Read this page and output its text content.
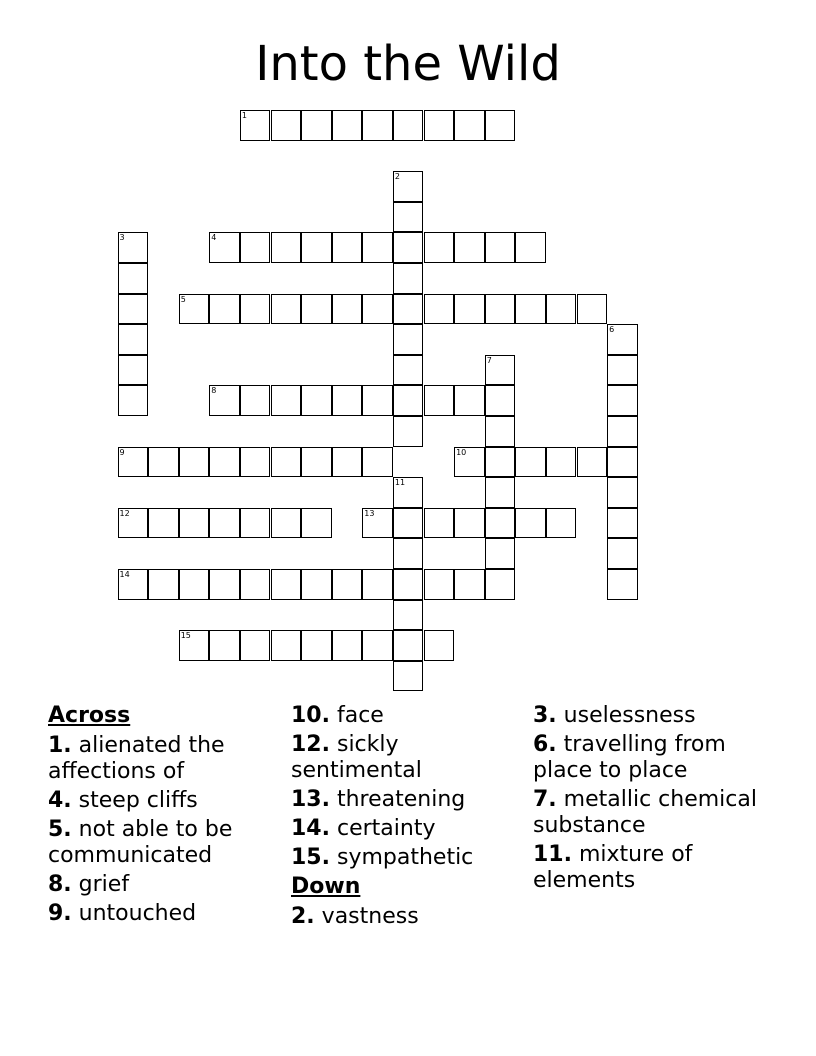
Into the Wild
1
2
3	4
5
6
7
8
9	10
11
12	13
14
15
Across
1. alienated the affections of
4. steep cliffs
5. not able to be communicated
8. grief
9. untouched
10. face
12. sickly sentimental
13. threatening
14. certainty
15. sympathetic
Down
2. vastness
3. uselessness
6. travelling from place to place
7. metallic chemical substance
11. mixture of elements
